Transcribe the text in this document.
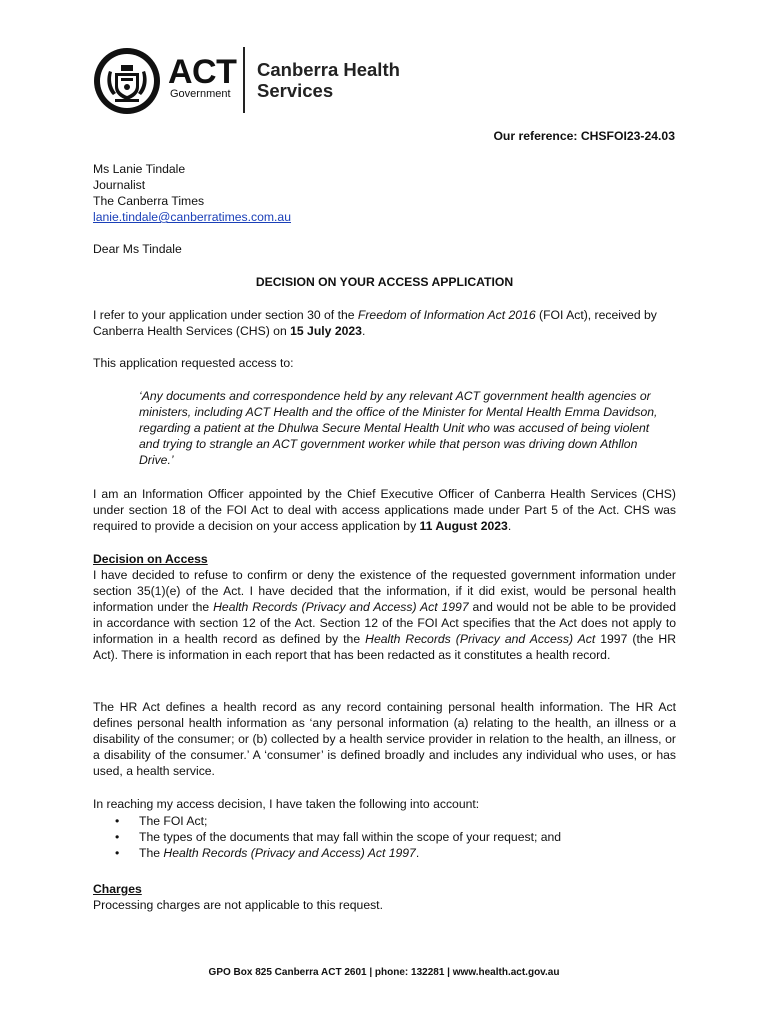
ACT
Government
Canberra Health
Services
Our reference: CHSFOI23-24.03
Ms Lanie Tindale
Journalist
The Canberra Times
lanie.tindale@canberratimes.com.au
Dear Ms Tindale
DECISION ON YOUR ACCESS APPLICATION
I refer to your application under section 30 of the Freedom of Information Act 2016 (FOI Act), received by Canberra Health Services (CHS) on 15 July 2023.
This application requested access to:
‘Any documents and correspondence held by any relevant ACT government health agencies or ministers, including ACT Health and the office of the Minister for Mental Health Emma Davidson, regarding a patient at the Dhulwa Secure Mental Health Unit who was accused of being violent and trying to strangle an ACT government worker while that person was driving down Athllon Drive.’
I am an Information Officer appointed by the Chief Executive Officer of Canberra Health Services (CHS) under section 18 of the FOI Act to deal with access applications made under Part 5 of the Act. CHS was required to provide a decision on your access application by 11 August 2023.
Decision on Access
I have decided to refuse to confirm or deny the existence of the requested government information under section 35(1)(e) of the Act. I have decided that the information, if it did exist, would be personal health information under the Health Records (Privacy and Access) Act 1997 and would not be able to be provided in accordance with section 12 of the Act. Section 12 of the FOI Act specifies that the Act does not apply to information in a health record as defined by the Health Records (Privacy and Access) Act 1997 (the HR Act). There is information in each report that has been redacted as it constitutes a health record.
The HR Act defines a health record as any record containing personal health information. The HR Act defines personal health information as ‘any personal information (a) relating to the health, an illness or a disability of the consumer; or (b) collected by a health service provider in relation to the health, an illness, or a disability of the consumer.’ A ‘consumer’ is defined broadly and includes any individual who uses, or has used, a health service.
In reaching my access decision, I have taken the following into account:
• The FOI Act;
• The types of the documents that may fall within the scope of your request; and
• The Health Records (Privacy and Access) Act 1997.
Charges
Processing charges are not applicable to this request.
GPO Box 825 Canberra ACT 2601 | phone: 132281 | www.health.act.gov.au
